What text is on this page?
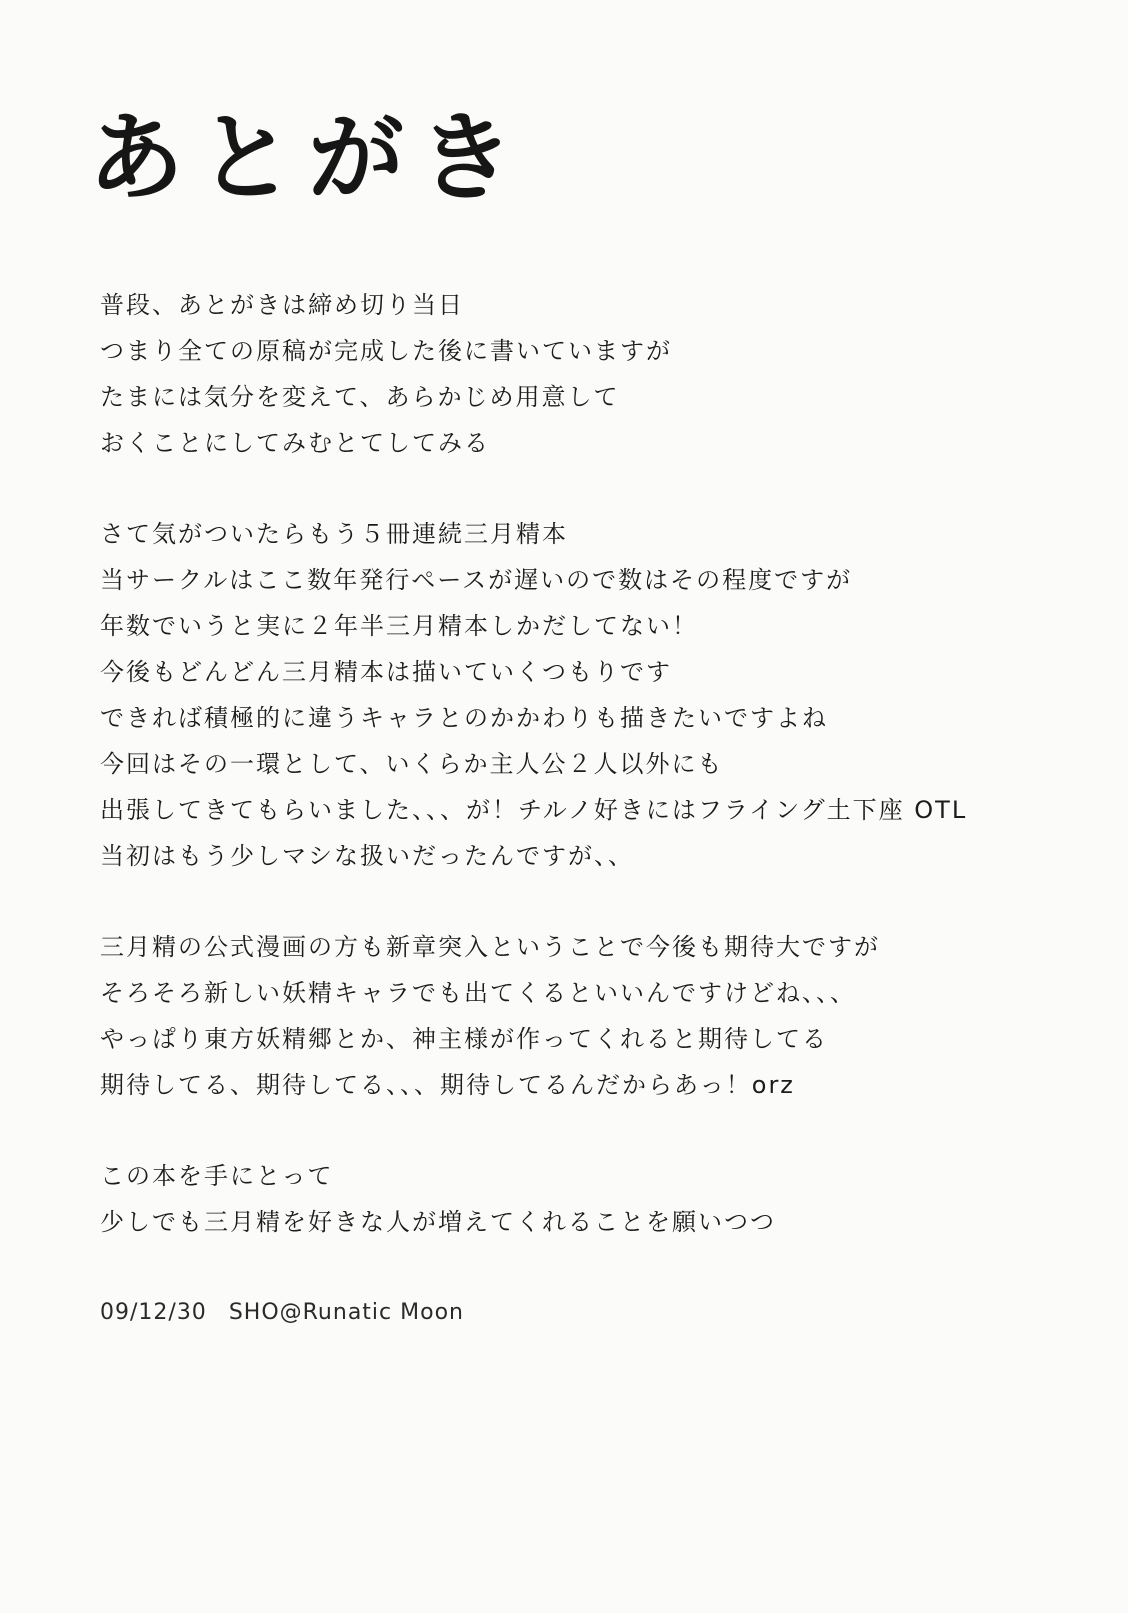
あとがき
普段、あとがきは締め切り当日
つまり全ての原稿が完成した後に書いていますが
たまには気分を変えて、あらかじめ用意して
おくことにしてみむとてしてみる
さて気がついたらもう５冊連続三月精本
当サークルはここ数年発行ペースが遅いので数はその程度ですが
年数でいうと実に２年半三月精本しかだしてない！
今後もどんどん三月精本は描いていくつもりです
できれば積極的に違うキャラとのかかわりも描きたいですよね
今回はその一環として、いくらか主人公２人以外にも
出張してきてもらいました、、、が！チルノ好きにはフライング土下座 OTL
当初はもう少しマシな扱いだったんですが、、
三月精の公式漫画の方も新章突入ということで今後も期待大ですが
そろそろ新しい妖精キャラでも出てくるといいんですけどね、、、
やっぱり東方妖精郷とか、神主様が作ってくれると期待してる
期待してる、期待してる、、、期待してるんだからあっ！orz
この本を手にとって
少しでも三月精を好きな人が増えてくれることを願いつつ
09/12/30 SHO@Runatic Moon
